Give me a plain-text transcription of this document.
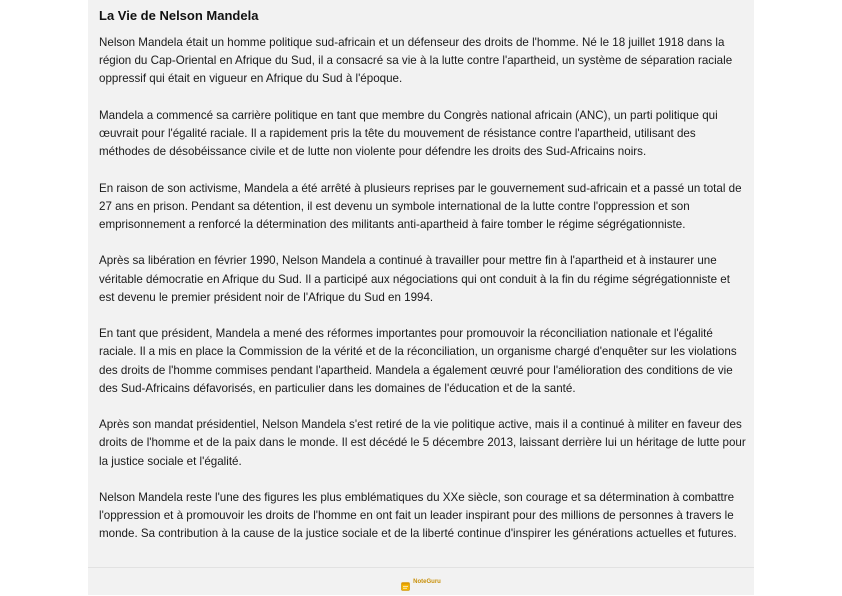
La Vie de Nelson Mandela

Nelson Mandela était un homme politique sud-africain et un défenseur des droits de l'homme. Né le 18 juillet 1918 dans la région du Cap-Oriental en Afrique du Sud, il a consacré sa vie à la lutte contre l'apartheid, un système de séparation raciale oppressif qui était en vigueur en Afrique du Sud à l'époque.

Mandela a commencé sa carrière politique en tant que membre du Congrès national africain (ANC), un parti politique qui œuvrait pour l'égalité raciale. Il a rapidement pris la tête du mouvement de résistance contre l'apartheid, utilisant des méthodes de désobéissance civile et de lutte non violente pour défendre les droits des Sud-Africains noirs.

En raison de son activisme, Mandela a été arrêté à plusieurs reprises par le gouvernement sud-africain et a passé un total de 27 ans en prison. Pendant sa détention, il est devenu un symbole international de la lutte contre l'oppression et son emprisonnement a renforcé la détermination des militants anti-apartheid à faire tomber le régime ségrégationniste.

Après sa libération en février 1990, Nelson Mandela a continué à travailler pour mettre fin à l'apartheid et à instaurer une véritable démocratie en Afrique du Sud. Il a participé aux négociations qui ont conduit à la fin du régime ségrégationniste et est devenu le premier président noir de l'Afrique du Sud en 1994.

En tant que président, Mandela a mené des réformes importantes pour promouvoir la réconciliation nationale et l'égalité raciale. Il a mis en place la Commission de la vérité et de la réconciliation, un organisme chargé d'enquêter sur les violations des droits de l'homme commises pendant l'apartheid. Mandela a également œuvré pour l'amélioration des conditions de vie des Sud-Africains défavorisés, en particulier dans les domaines de l'éducation et de la santé.

Après son mandat présidentiel, Nelson Mandela s'est retiré de la vie politique active, mais il a continué à militer en faveur des droits de l'homme et de la paix dans le monde. Il est décédé le 5 décembre 2013, laissant derrière lui un héritage de lutte pour la justice sociale et l'égalité.

Nelson Mandela reste l'une des figures les plus emblématiques du XXe siècle, son courage et sa détermination à combattre l'oppression et à promouvoir les droits de l'homme en ont fait un leader inspirant pour des millions de personnes à travers le monde. Sa contribution à la cause de la justice sociale et de la liberté continue d'inspirer les générations actuelles et futures.

NoteGuru
